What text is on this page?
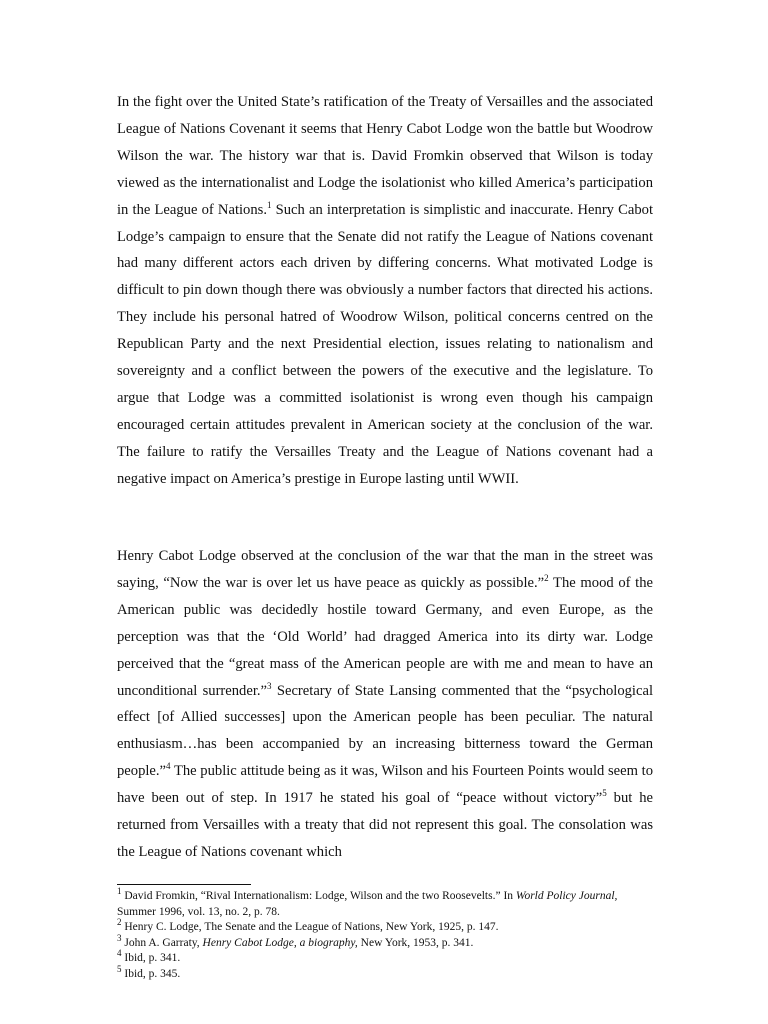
In the fight over the United State’s ratification of the Treaty of Versailles and the associated League of Nations Covenant it seems that Henry Cabot Lodge won the battle but Woodrow Wilson the war. The history war that is. David Fromkin observed that Wilson is today viewed as the internationalist and Lodge the isolationist who killed America’s participation in the League of Nations.$^1$ Such an interpretation is simplistic and inaccurate. Henry Cabot Lodge’s campaign to ensure that the Senate did not ratify the League of Nations covenant had many different actors each driven by differing concerns. What motivated Lodge is difficult to pin down though there was obviously a number factors that directed his actions. They include his personal hatred of Woodrow Wilson, political concerns centred on the Republican Party and the next Presidential election, issues relating to nationalism and sovereignty and a conflict between the powers of the executive and the legislature. To argue that Lodge was a committed isolationist is wrong even though his campaign encouraged certain attitudes prevalent in American society at the conclusion of the war. The failure to ratify the Versailles Treaty and the League of Nations covenant had a negative impact on America’s prestige in Europe lasting until WWII.

Henry Cabot Lodge observed at the conclusion of the war that the man in the street was saying, “Now the war is over let us have peace as quickly as possible.”$^2$ The mood of the American public was decidedly hostile toward Germany, and even Europe, as the perception was that the ‘Old World’ had dragged America into its dirty war. Lodge perceived that the “great mass of the American people are with me and mean to have an unconditional surrender.”$^3$ Secretary of State Lansing commented that the “psychological effect [of Allied successes] upon the American people has been peculiar. The natural enthusiasm…has been accompanied by an increasing bitterness toward the German people.”$^4$ The public attitude being as it was, Wilson and his Fourteen Points would seem to have been out of step. In 1917 he stated his goal of “peace without victory”$^5$ but he returned from Versailles with a treaty that did not represent this goal. The consolation was the League of Nations covenant which

$^1$ David Fromkin, “Rival Internationalism: Lodge, Wilson and the two Roosevelts.” In World Policy Journal, Summer 1996, vol. 13, no. 2, p. 78.

$^2$ Henry C. Lodge, The Senate and the League of Nations, New York, 1925, p. 147.

$^3$ John A. Garraty, Henry Cabot Lodge, a biography, New York, 1953, p. 341.

$^4$ Ibid, p. 341.

$^5$ Ibid, p. 345.
